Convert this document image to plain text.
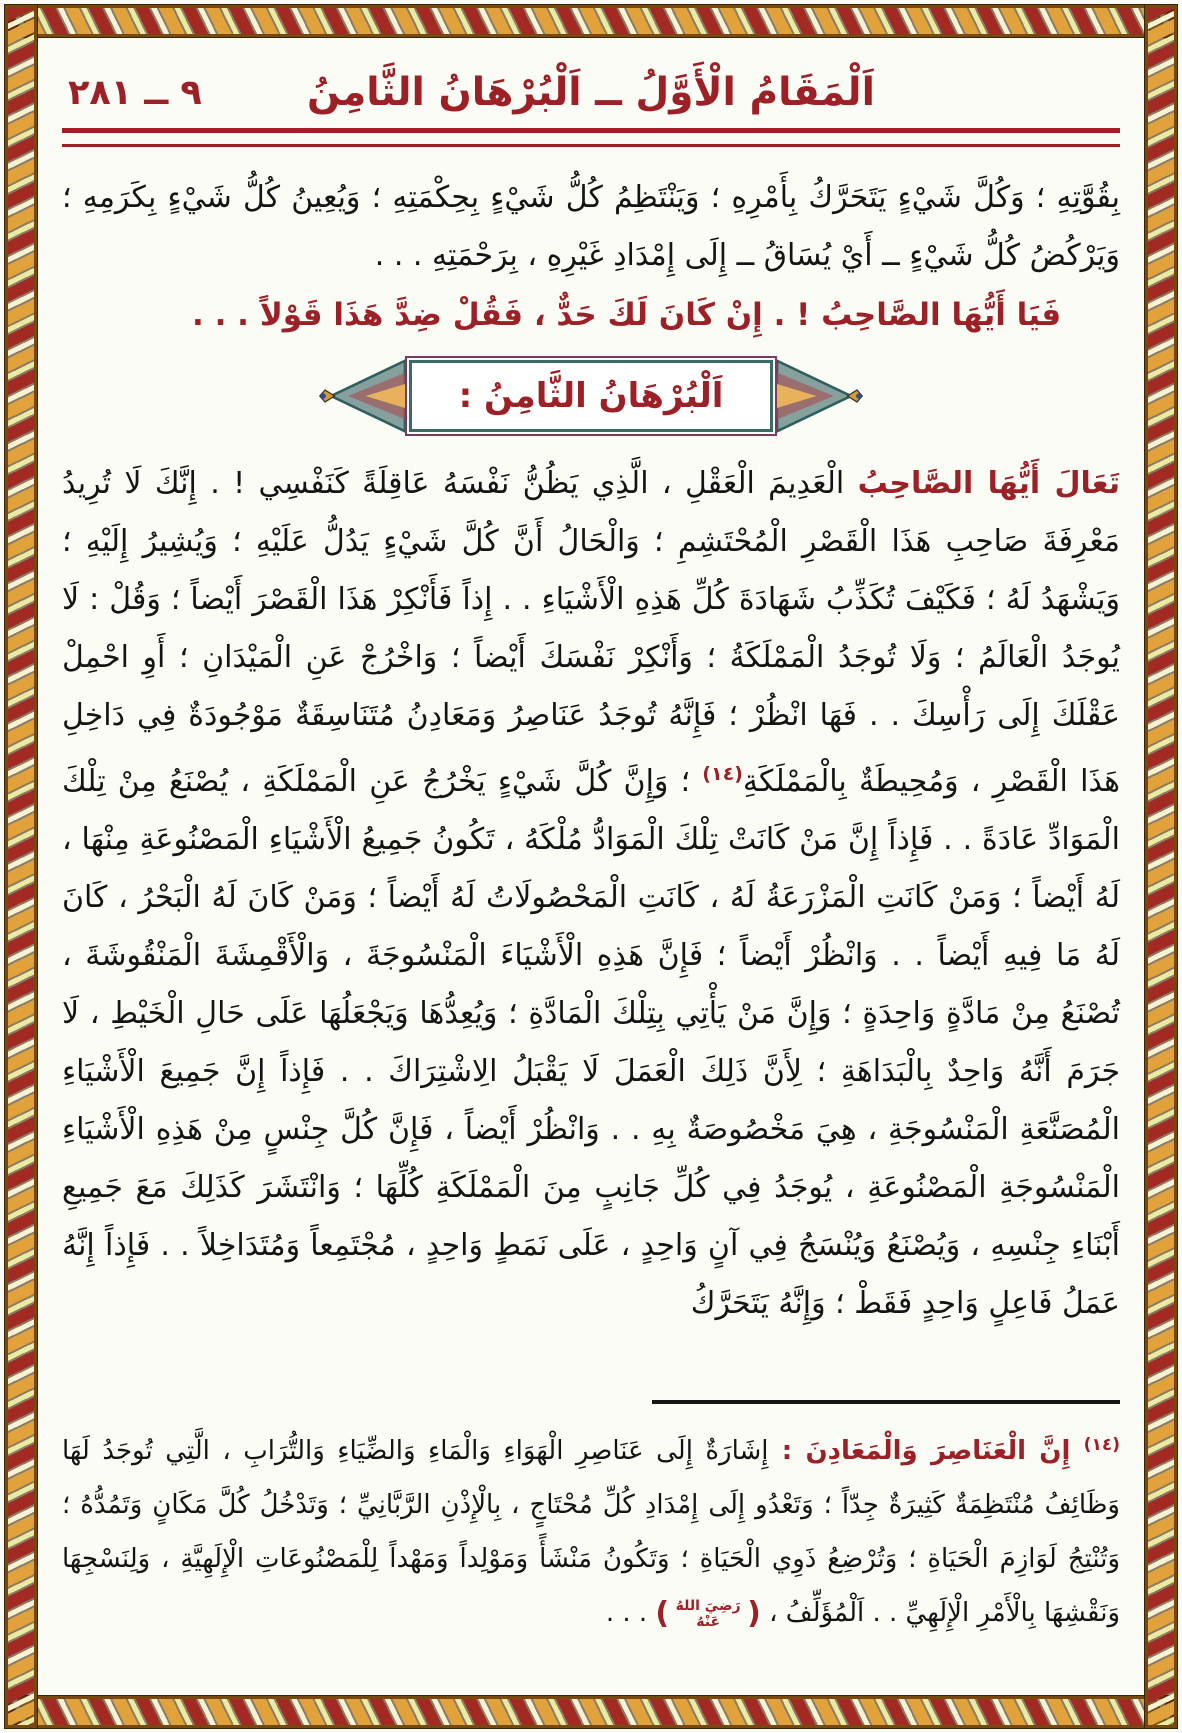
اَلْمَقَامُ الْأَوَّلُ ــ اَلْبُرْهَانُ الثَّامِنُ
٩ ــ ٢٨١

بِقُوَّتِهِ ؛ وَكُلَّ شَيْءٍ يَتَحَرَّكُ بِأَمْرِهِ ؛ وَيَنْتَظِمُ كُلُّ شَيْءٍ بِحِكْمَتِهِ ؛ وَيُعِينُ كُلُّ شَيْءٍ بِكَرَمِهِ ؛ وَيَرْكُضُ كُلُّ شَيْءٍ ــ أَيْ يُسَاقُ ــ إِلَى إِمْدَادِ غَيْرِهِ ، بِرَحْمَتِهِ . . .

فَيَا أَيُّهَا الصَّاحِبُ ! . إِنْ كَانَ لَكَ حَدٌّ ، فَقُلْ ضِدَّ هَذَا قَوْلاً . . .

اَلْبُرْهَانُ الثَّامِنُ :

تَعَالَ أَيُّهَا الصَّاحِبُ الْعَدِيمَ الْعَقْلِ ، الَّذِي يَظُنُّ نَفْسَهُ عَاقِلَةً كَنَفْسِي ! . إِنَّكَ لَا تُرِيدُ مَعْرِفَةَ صَاحِبِ هَذَا الْقَصْرِ الْمُحْتَشِمِ ؛ وَالْحَالُ أَنَّ كُلَّ شَيْءٍ يَدُلُّ عَلَيْهِ ؛ وَيُشِيرُ إِلَيْهِ ؛ وَيَشْهَدُ لَهُ ؛ فَكَيْفَ تُكَذِّبُ شَهَادَةَ كُلِّ هَذِهِ الْأَشْيَاءِ . . إِذاً فَأَنْكِرْ هَذَا الْقَصْرَ أَيْضاً ؛ وَقُلْ : لَا يُوجَدُ الْعَالَمُ ؛ وَلَا تُوجَدُ الْمَمْلَكَةُ ؛ وَأَنْكِرْ نَفْسَكَ أَيْضاً ؛ وَاخْرُجْ عَنِ الْمَيْدَانِ ؛ أَوِ احْمِلْ عَقْلَكَ إِلَى رَأْسِكَ . . فَهَا انْظُرْ ؛ فَإِنَّهُ تُوجَدُ عَنَاصِرُ وَمَعَادِنُ مُتَنَاسِقَةٌ مَوْجُودَةٌ فِي دَاخِلِ هَذَا الْقَصْرِ ، وَمُحِيطَةٌ بِالْمَمْلَكَةِ$^{(١٤)}$ ؛ وَإِنَّ كُلَّ شَيْءٍ يَخْرُجُ عَنِ الْمَمْلَكَةِ ، يُصْنَعُ مِنْ تِلْكَ الْمَوَادِّ عَادَةً . . فَإِذاً إِنَّ مَنْ كَانَتْ تِلْكَ الْمَوَادُّ مُلْكَهُ ، تَكُونُ جَمِيعُ الْأَشْيَاءِ الْمَصْنُوعَةِ مِنْهَا ، لَهُ أَيْضاً ؛ وَمَنْ كَانَتِ الْمَزْرَعَةُ لَهُ ، كَانَتِ الْمَحْصُولَاتُ لَهُ أَيْضاً ؛ وَمَنْ كَانَ لَهُ الْبَحْرُ ، كَانَ لَهُ مَا فِيهِ أَيْضاً . . وَانْظُرْ أَيْضاً ؛ فَإِنَّ هَذِهِ الْأَشْيَاءَ الْمَنْسُوجَةَ ، وَالْأَقْمِشَةَ الْمَنْقُوشَةَ ، تُصْنَعُ مِنْ مَادَّةٍ وَاحِدَةٍ ؛ وَإِنَّ مَنْ يَأْتِي بِتِلْكَ الْمَادَّةِ ؛ وَيُعِدُّهَا وَيَجْعَلُهَا عَلَى حَالِ الْخَيْطِ ، لَا جَرَمَ أَنَّهُ وَاحِدٌ بِالْبَدَاهَةِ ؛ لِأَنَّ ذَلِكَ الْعَمَلَ لَا يَقْبَلُ الِاشْتِرَاكَ . . فَإِذاً إِنَّ جَمِيعَ الْأَشْيَاءِ الْمُصَنَّعَةِ الْمَنْسُوجَةِ ، هِيَ مَخْصُوصَةٌ بِهِ . . وَانْظُرْ أَيْضاً ، فَإِنَّ كُلَّ جِنْسٍ مِنْ هَذِهِ الْأَشْيَاءِ الْمَنْسُوجَةِ الْمَصْنُوعَةِ ، يُوجَدُ فِي كُلِّ جَانِبٍ مِنَ الْمَمْلَكَةِ كُلِّهَا ؛ وَانْتَشَرَ كَذَلِكَ مَعَ جَمِيعِ أَبْنَاءِ جِنْسِهِ ، وَيُصْنَعُ وَيُنْسَجُ فِي آنٍ وَاحِدٍ ، عَلَى نَمَطٍ وَاحِدٍ ، مُجْتَمِعاً وَمُتَدَاخِلاً . . فَإِذاً إِنَّهُ عَمَلُ فَاعِلٍ وَاحِدٍ فَقَطْ ؛ وَإِنَّهُ يَتَحَرَّكُ

$^{(١٤)}$ إِنَّ الْعَنَاصِرَ وَالْمَعَادِنَ : إِشَارَةٌ إِلَى عَنَاصِرِ الْهَوَاءِ وَالْمَاءِ وَالضِّيَاءِ وَالتُّرَابِ ، الَّتِي تُوجَدُ لَهَا وَظَائِفُ مُنْتَظِمَةٌ كَثِيرَةٌ جِدّاً ؛ وَتَعْدُو إِلَى إِمْدَادِ كُلِّ مُحْتَاجٍ ، بِالْإِذْنِ الرَّبَّانِيِّ ؛ وَتَدْخُلُ كُلَّ مَكَانٍ وَتَمُدُّهُ ؛ وَتُنْتِجُ لَوَازِمَ الْحَيَاةِ ؛ وَتُرْضِعُ ذَوِي الْحَيَاةِ ؛ وَتَكُونُ مَنْشَأً وَمَوْلِداً وَمَهْداً لِلْمَصْنُوعَاتِ الْإِلَهِيَّةِ ، وَلِنَسْجِهَا وَنَقْشِهَا بِالْأَمْرِ الْإِلَهِيِّ . . اَلْمُؤَلِّفُ ، (رَضِيَ اللهُ عَنْهُ) . . .
